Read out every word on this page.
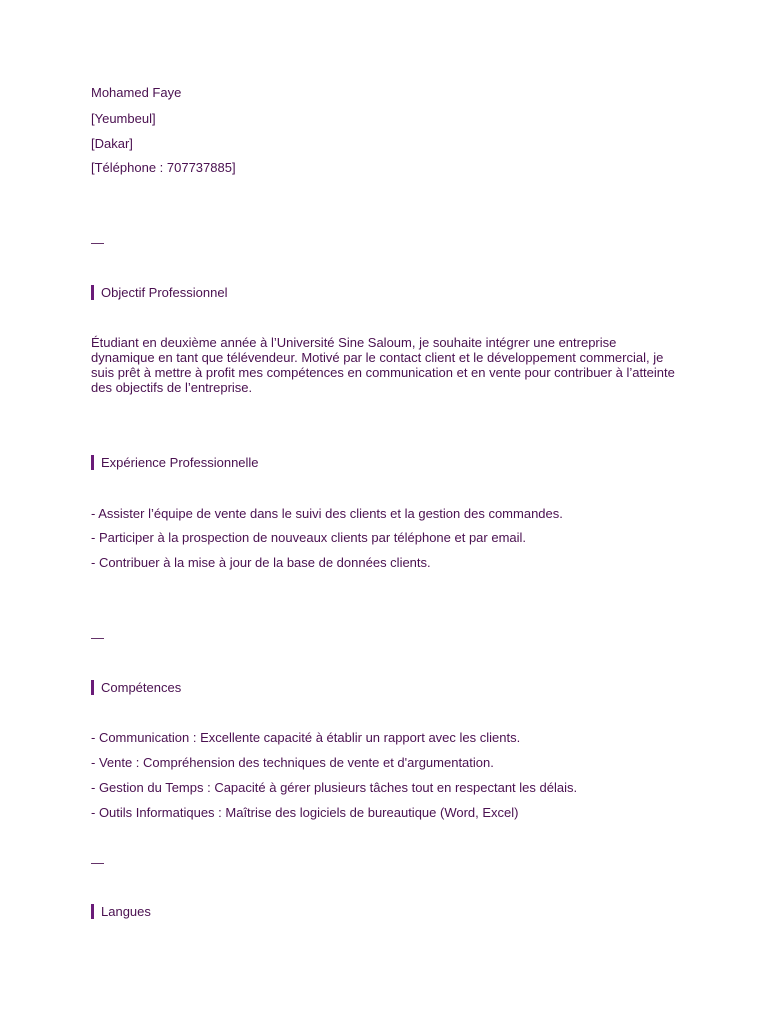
Mohamed Faye
[Yeumbeul]
[Dakar]
[Téléphone : 707737885]
—
Objectif Professionnel
Étudiant en deuxième année à l’Université Sine Saloum, je souhaite intégrer une entreprise dynamique en tant que télévendeur. Motivé par le contact client et le développement commercial, je suis prêt à mettre à profit mes compétences en communication et en vente pour contribuer à l’atteinte des objectifs de l’entreprise.
Expérience Professionnelle
- Assister l’équipe de vente dans le suivi des clients et la gestion des commandes.
- Participer à la prospection de nouveaux clients par téléphone et par email.
- Contribuer à la mise à jour de la base de données clients.
—
Compétences
- Communication : Excellente capacité à établir un rapport avec les clients.
- Vente : Compréhension des techniques de vente et d'argumentation.
- Gestion du Temps : Capacité à gérer plusieurs tâches tout en respectant les délais.
- Outils Informatiques : Maîtrise des logiciels de bureautique (Word, Excel)
—
Langues
